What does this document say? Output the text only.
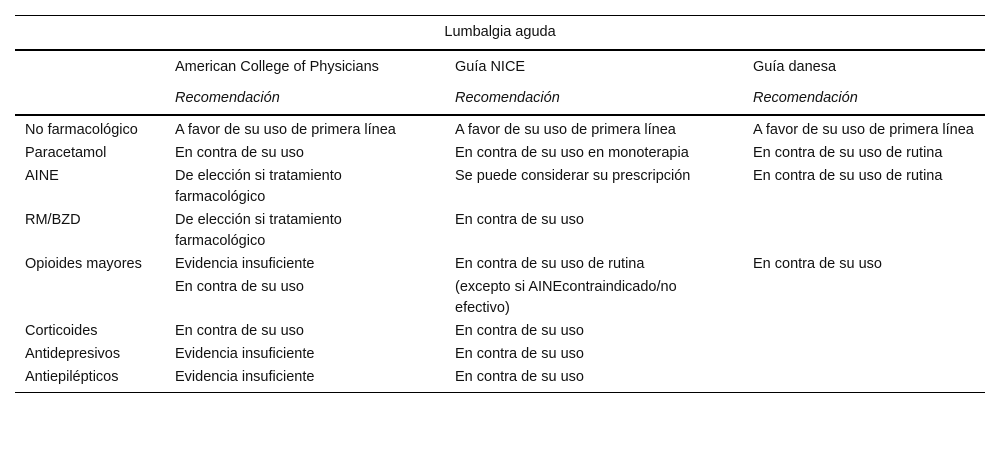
Lumbalgia aguda			
	American College of Physicians	Guía NICE	Guía danesa
	Recomendación	Recomendación	Recomendación
No farmacológico	A favor de su uso de primera línea	A favor de su uso de primera línea	A favor de su uso de primera línea
Paracetamol	En contra de su uso	En contra de su uso en monoterapia	En contra de su uso de rutina
AINE	De elección si tratamiento farmacológico	Se puede considerar su prescripción	En contra de su uso de rutina
RM/BZD	De elección si tratamiento farmacológico	En contra de su uso	
Opioides mayores	Evidencia insuficiente	En contra de su uso de rutina	En contra de su uso
	En contra de su uso	(excepto si AINEcontraindicado/no efectivo)	
Corticoides	En contra de su uso	En contra de su uso	
Antidepresivos	Evidencia insuficiente	En contra de su uso	
Antiepilépticos	Evidencia insuficiente	En contra de su uso	
